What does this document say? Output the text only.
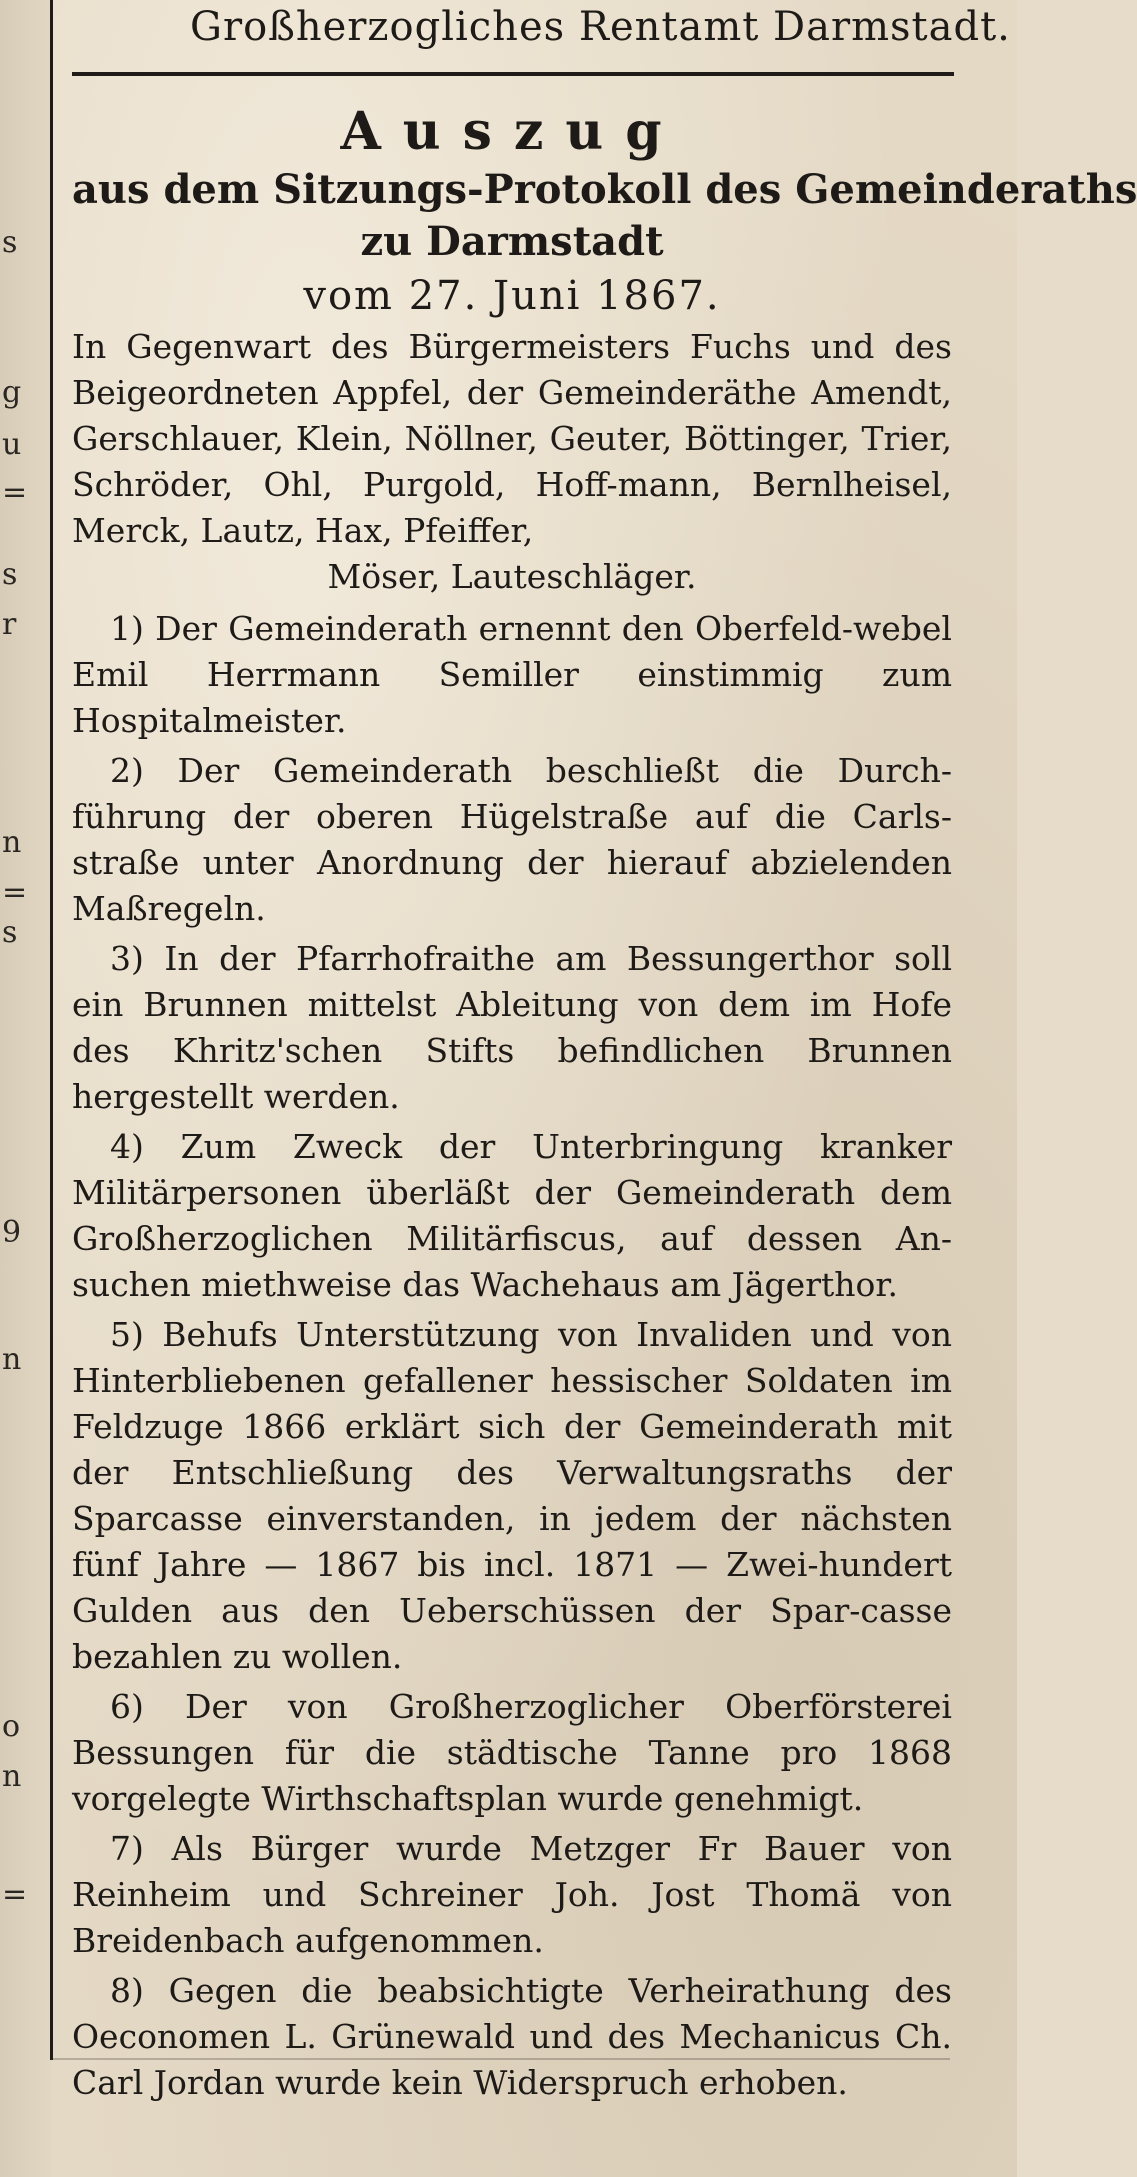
s
g
u
=
s
r
n
=
s
9
n
o
n
=
Großherzogliches Rentamt Darmstadt.

Auszug

aus dem Sitzungs-Protokoll des Gemeinderaths

zu Darmstadt

vom 27. Juni 1867.

In Gegenwart des Bürgermeisters Fuchs und des Beigeordneten Appfel, der Gemeinderäthe Amendt, Gerschlauer, Klein, Nöllner, Geuter, Böttinger, Trier, Schröder, Ohl, Purgold, Hoff-mann, Bernlheisel, Merck, Lautz, Hax, Pfeiffer,

Möser, Lauteschläger.

1) Der Gemeinderath ernennt den Oberfeld-webel Emil Herrmann Semiller einstimmig zum Hospitalmeister.

2) Der Gemeinderath beschließt die Durch-führung der oberen Hügelstraße auf die Carls-straße unter Anordnung der hierauf abzielenden Maßregeln.

3) In der Pfarrhofraithe am Bessungerthor soll ein Brunnen mittelst Ableitung von dem im Hofe des Khritz'schen Stifts befindlichen Brunnen hergestellt werden.

4) Zum Zweck der Unterbringung kranker Militärpersonen überläßt der Gemeinderath dem Großherzoglichen Militärfiscus, auf dessen An-suchen miethweise das Wachehaus am Jägerthor.

5) Behufs Unterstützung von Invaliden und von Hinterbliebenen gefallener hessischer Soldaten im Feldzuge 1866 erklärt sich der Gemeinderath mit der Entschließung des Verwaltungsraths der Sparcasse einverstanden, in jedem der nächsten fünf Jahre — 1867 bis incl. 1871 — Zwei-hundert Gulden aus den Ueberschüssen der Spar-casse bezahlen zu wollen.

6) Der von Großherzoglicher Oberförsterei Bessungen für die städtische Tanne pro 1868 vorgelegte Wirthschaftsplan wurde genehmigt.

7) Als Bürger wurde Metzger Fr Bauer von Reinheim und Schreiner Joh. Jost Thomä von Breidenbach aufgenommen.

8) Gegen die beabsichtigte Verheirathung des Oeconomen L. Grünewald und des Mechanicus Ch. Carl Jordan wurde kein Widerspruch erhoben.
